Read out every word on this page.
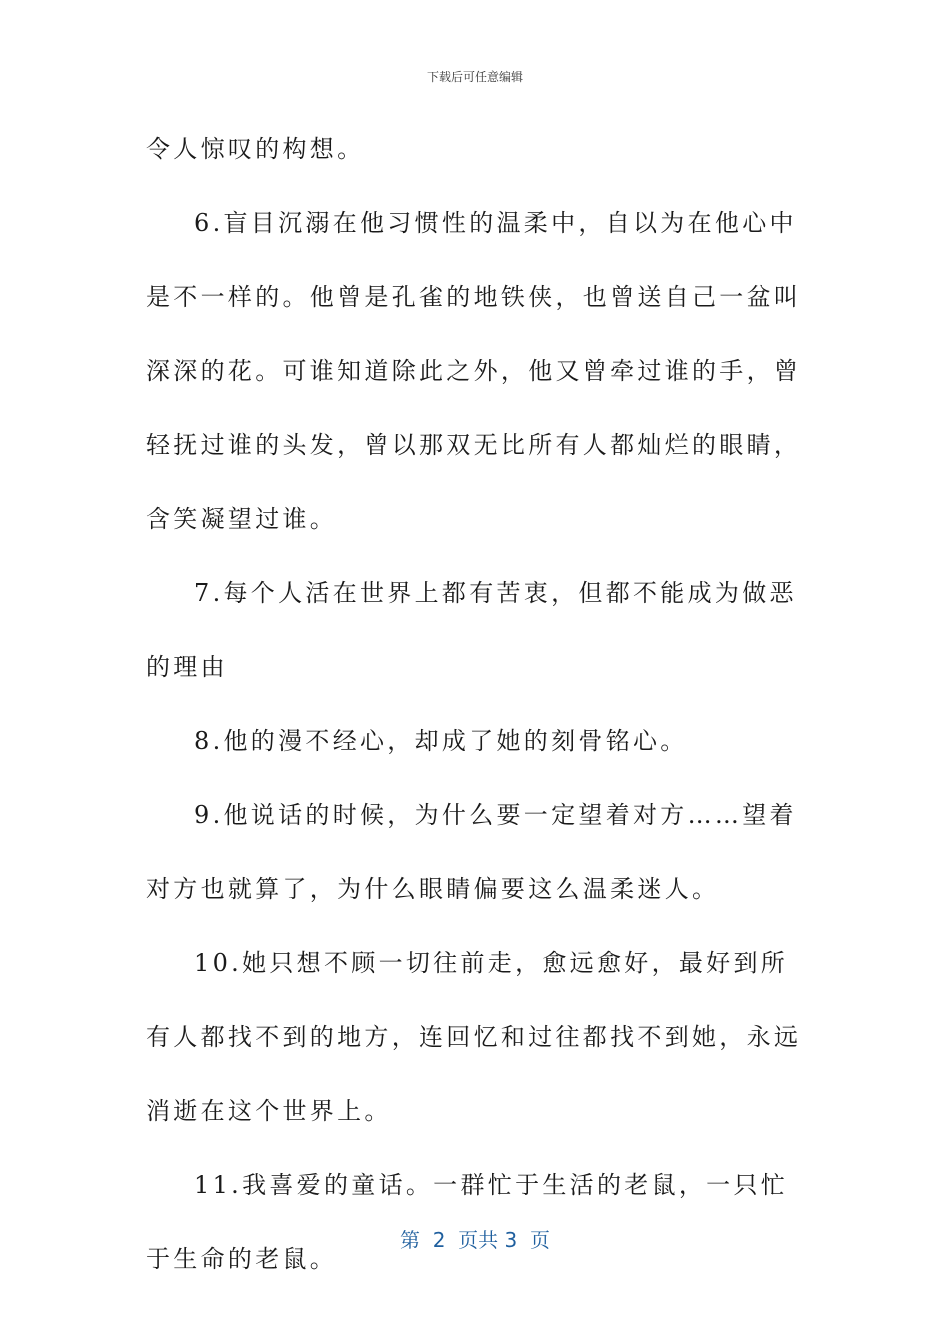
下载后可任意编辑

令人惊叹的构想。

6.盲目沉溺在他习惯性的温柔中，自以为在他心中是不一样的。他曾是孔雀的地铁侠，也曾送自己一盆叫深深的花。可谁知道除此之外，他又曾牵过谁的手，曾轻抚过谁的头发，曾以那双无比所有人都灿烂的眼睛，含笑凝望过谁。

7.每个人活在世界上都有苦衷，但都不能成为做恶的理由

8.他的漫不经心，却成了她的刻骨铭心。

9.他说话的时候，为什么要一定望着对方……望着对方也就算了，为什么眼睛偏要这么温柔迷人。

10.她只想不顾一切往前走，愈远愈好，最好到所有人都找不到的地方，连回忆和过往都找不到她，永远消逝在这个世界上。

11.我喜爱的童话。一群忙于生活的老鼠，一只忙于生命的老鼠。

第  2  页共 3  页
